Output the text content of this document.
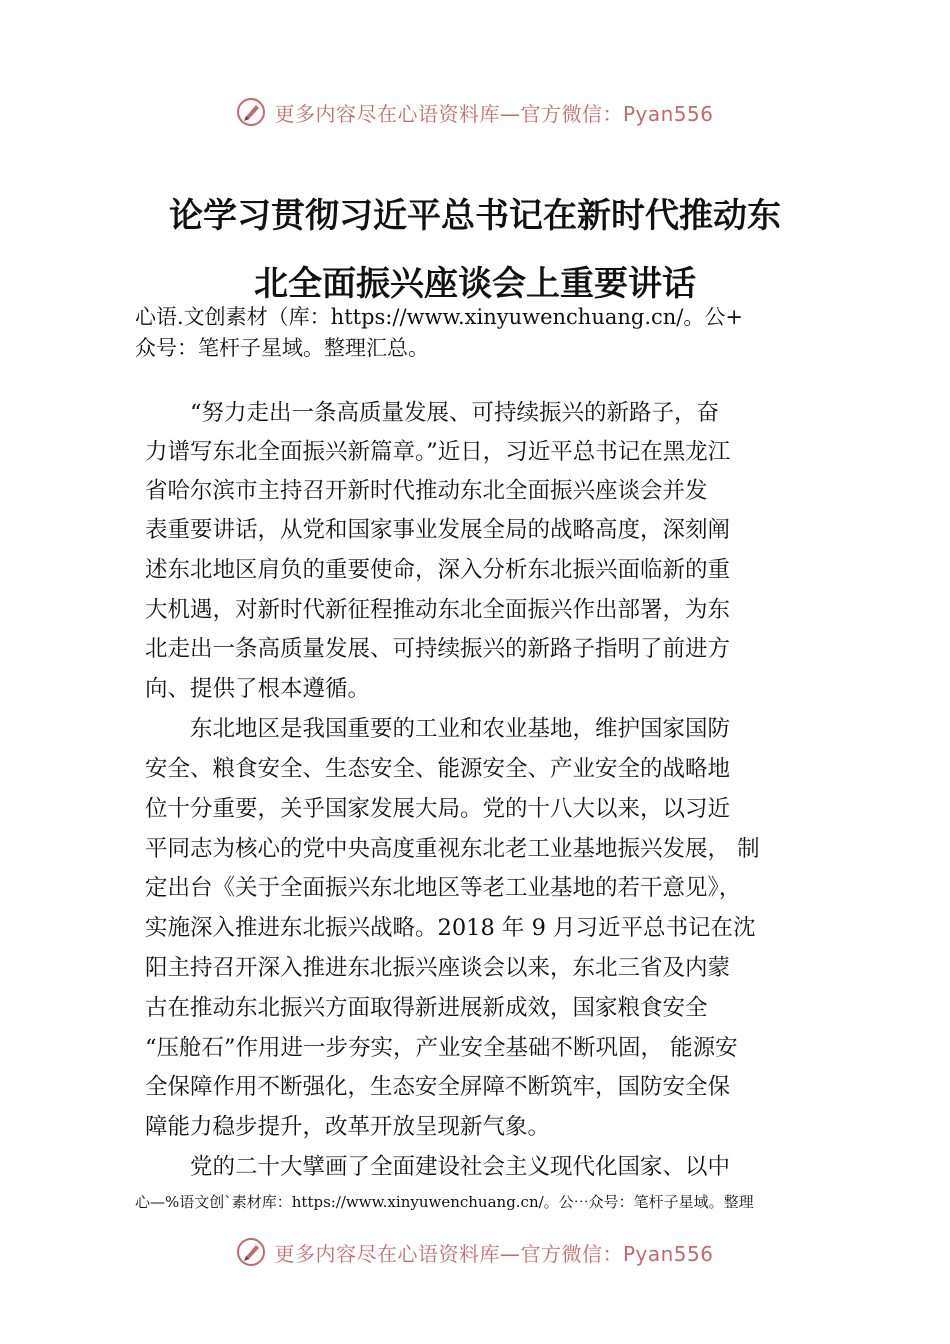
更多内容尽在心语资料库—官方微信：Pyan556
论学习贯彻习近平总书记在新时代推动东
北全面振兴座谈会上重要讲话
心语.文创素材（库：https://www.xinyuwenchuang.cn/。公+
众号：笔杆子星域。整理汇总。
　　“努力走出一条高质量发展、可持续振兴的新路子，奋
力谱写东北全面振兴新篇章。”近日，习近平总书记在黑龙江
省哈尔滨市主持召开新时代推动东北全面振兴座谈会并发
表重要讲话，从党和国家事业发展全局的战略高度，深刻阐
述东北地区肩负的重要使命，深入分析东北振兴面临新的重
大机遇，对新时代新征程推动东北全面振兴作出部署，为东
北走出一条高质量发展、可持续振兴的新路子指明了前进方
向、提供了根本遵循。
　　东北地区是我国重要的工业和农业基地，维护国家国防
安全、粮食安全、生态安全、能源安全、产业安全的战略地
位十分重要，关乎国家发展大局。党的十八大以来，以习近
平同志为核心的党中央高度重视东北老工业基地振兴发展， 制
定出台《关于全面振兴东北地区等老工业基地的若干意见》，
实施深入推进东北振兴战略。2018 年 9 月习近平总书记在沈
阳主持召开深入推进东北振兴座谈会以来，东北三省及内蒙
古在推动东北振兴方面取得新进展新成效，国家粮食安全
“压舱石”作用进一步夯实，产业安全基础不断巩固， 能源安
全保障作用不断强化，生态安全屏障不断筑牢，国防安全保
障能力稳步提升，改革开放呈现新气象。
　　党的二十大擘画了全面建设社会主义现代化国家、以中
心—%语文创`素材库：https://www.xinyuwenchuang.cn/。公⋯众号：笔杆子星域。整理
更多内容尽在心语资料库—官方微信：Pyan556
